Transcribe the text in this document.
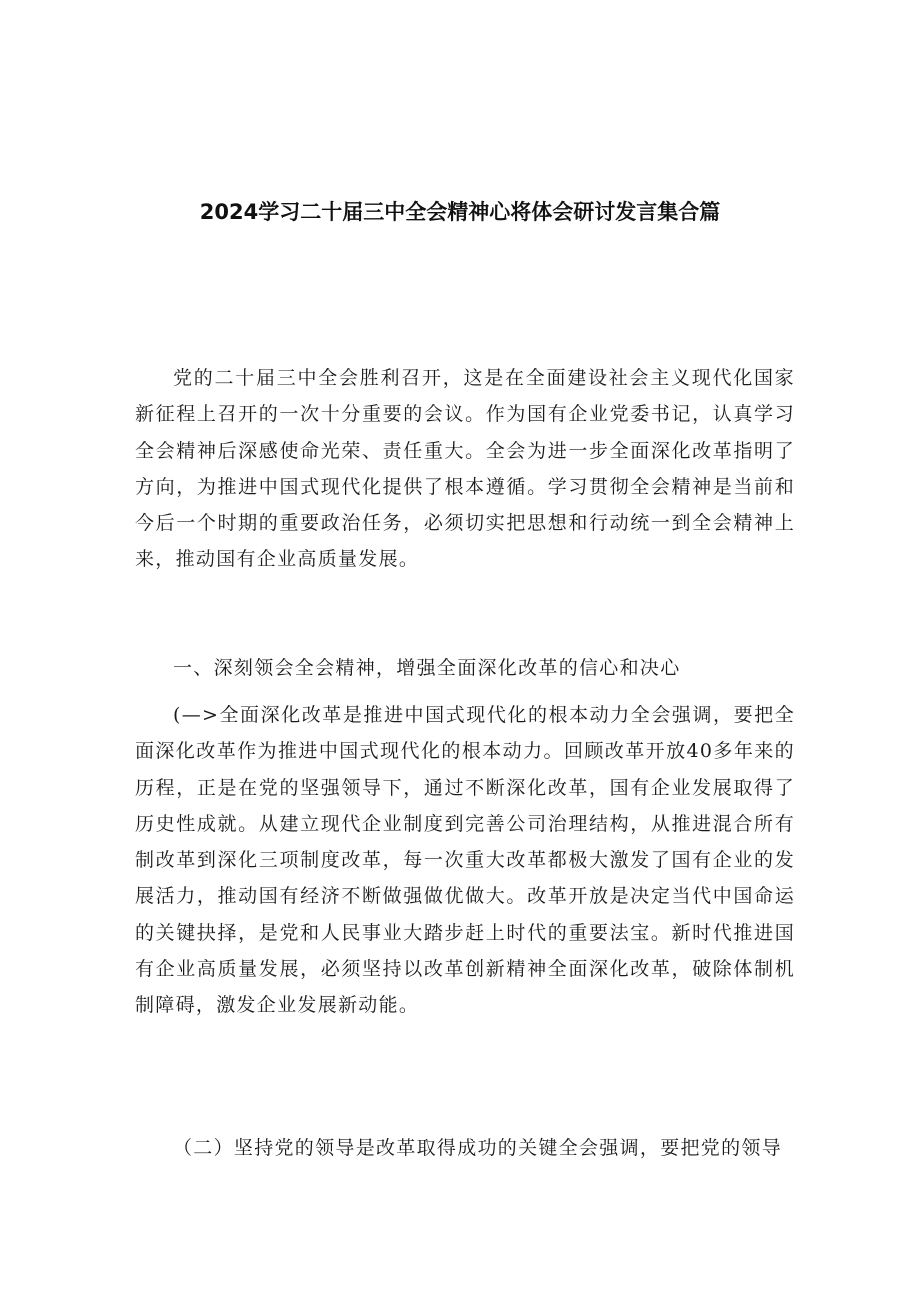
2024学习二十届三中全会精神心将体会研讨发言集合篇

党的二十届三中全会胜利召开，这是在全面建设社会主义现代化国家新征程上召开的一次十分重要的会议。作为国有企业党委书记，认真学习全会精神后深感使命光荣、责任重大。全会为进一步全面深化改革指明了方向，为推进中国式现代化提供了根本遵循。学习贯彻全会精神是当前和今后一个时期的重要政治任务，必须切实把思想和行动统一到全会精神上来，推动国有企业高质量发展。

一、深刻领会全会精神，增强全面深化改革的信心和决心

(—>全面深化改革是推进中国式现代化的根本动力全会强调，要把全面深化改革作为推进中国式现代化的根本动力。回顾改革开放40多年来的历程，正是在党的坚强领导下，通过不断深化改革，国有企业发展取得了历史性成就。从建立现代企业制度到完善公司治理结构，从推进混合所有制改革到深化三项制度改革，每一次重大改革都极大激发了国有企业的发展活力，推动国有经济不断做强做优做大。改革开放是决定当代中国命运的关键抉择，是党和人民事业大踏步赶上时代的重要法宝。新时代推进国有企业高质量发展，必须坚持以改革创新精神全面深化改革，破除体制机制障碍，激发企业发展新动能。

（二）坚持党的领导是改革取得成功的关键全会强调，要把党的领导
